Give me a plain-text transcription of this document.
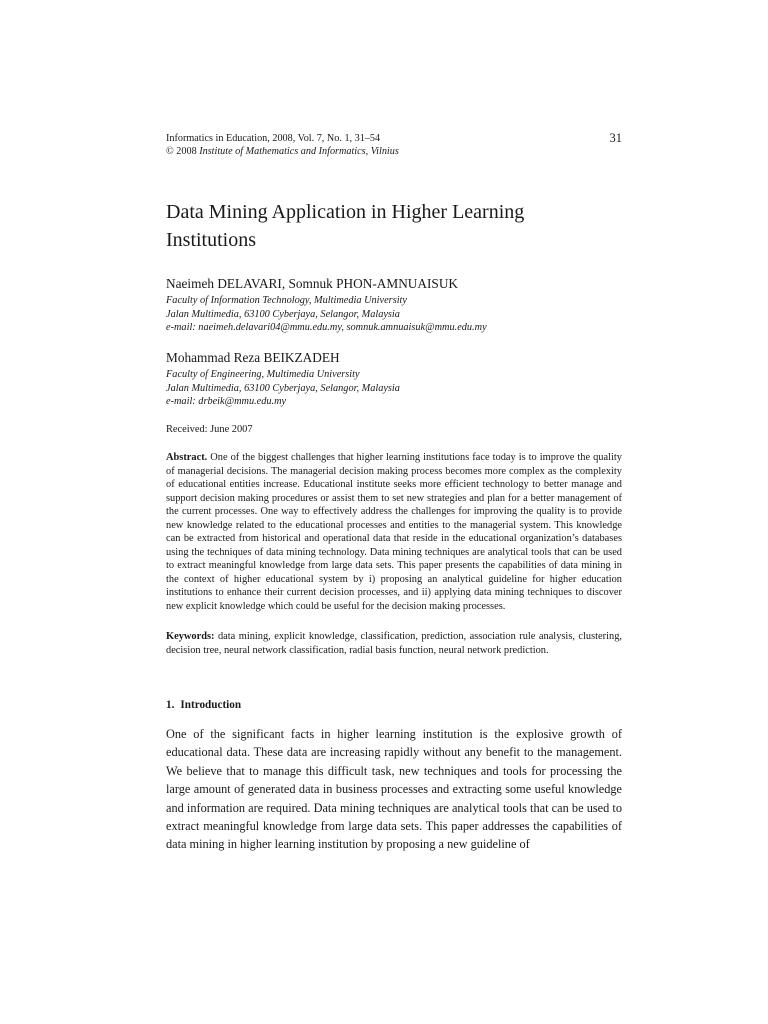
Informatics in Education, 2008, Vol. 7, No. 1, 31–54
© 2008 Institute of Mathematics and Informatics, Vilnius
31
Data Mining Application in Higher Learning Institutions
Naeimeh DELAVARI, Somnuk PHON-AMNUAISUK
Faculty of Information Technology, Multimedia University
Jalan Multimedia, 63100 Cyberjaya, Selangor, Malaysia
e-mail: naeimeh.delavari04@mmu.edu.my, somnuk.amnuaisuk@mmu.edu.my
Mohammad Reza BEIKZADEH
Faculty of Engineering, Multimedia University
Jalan Multimedia, 63100 Cyberjaya, Selangor, Malaysia
e-mail: drbeik@mmu.edu.my
Received: June 2007
Abstract. One of the biggest challenges that higher learning institutions face today is to improve the quality of managerial decisions. The managerial decision making process becomes more complex as the complexity of educational entities increase. Educational institute seeks more efficient technology to better manage and support decision making procedures or assist them to set new strategies and plan for a better management of the current processes. One way to effectively address the challenges for improving the quality is to provide new knowledge related to the educational processes and entities to the managerial system. This knowledge can be extracted from historical and operational data that reside in the educational organization’s databases using the techniques of data mining technology. Data mining techniques are analytical tools that can be used to extract meaningful knowledge from large data sets. This paper presents the capabilities of data mining in the context of higher educational system by i) proposing an analytical guideline for higher education institutions to enhance their current decision processes, and ii) applying data mining techniques to discover new explicit knowledge which could be useful for the decision making processes.
Keywords: data mining, explicit knowledge, classification, prediction, association rule analysis, clustering, decision tree, neural network classification, radial basis function, neural network prediction.
1. Introduction

One of the significant facts in higher learning institution is the explosive growth of educational data. These data are increasing rapidly without any benefit to the management. We believe that to manage this difficult task, new techniques and tools for processing the large amount of generated data in business processes and extracting some useful knowledge and information are required. Data mining techniques are analytical tools that can be used to extract meaningful knowledge from large data sets. This paper addresses the capabilities of data mining in higher learning institution by proposing a new guideline of
